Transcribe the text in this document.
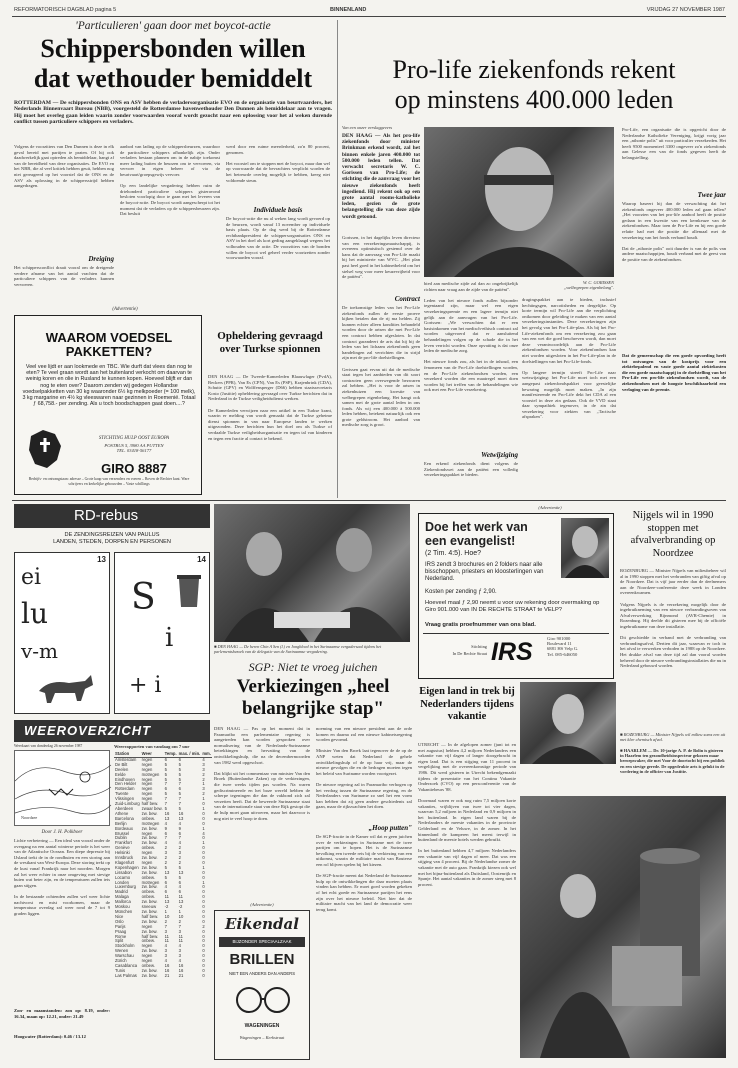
REFORMATORISCH DAGBLAD pagina 5	BINNENLAND	VRIJDAG 27 NOVEMBER 1987
'Particulieren' gaan door met boycot-actie
Schippersbonden willen
dat wethouder bemiddelt
ROTTERDAM — De schippersbonden ONS en ASV hebben de verladersorganisatie EVO en de organisatie van beurtvaarders, het Nederlands Binnenvaart Bureau (NBB), voorgesteld de Rotterdamse havenwethouder Den Dunnen als bemiddelaar aan te vragen. Hij moet het overleg gaan leiden waarin zonder voorwaarden vooraf wordt gezocht naar een oplossing voor het al weken durende conflict tussen particuliere schippers en verladers.
Volgens de voorzitters van Den Dunnen is deze in elk geval bereid met partijen te praten. Of hij ook daadwerkelijk gaat optreden als bemiddelaar, hangt af van de bereidheid van deze organisaties. De EVO en het NBB, die al veel kritiek hebben geuit, hebben nog niet gereageerd op het voorstel dat de ONS en de ASV als oplossing in de schippersstrijd hebben aangedragen.
Dreiging
Het schippersconflict draait vooral om de dreigende verdere afname van het aantal vrachten dat de particuliere schippers van de verladers kunnen vervoeren.
aanbod van lading op de schippersbeurzen, waardoor de particuliere schippers afhankelijk zijn. Onder verladers bestaan plannen om in de nabije toekomst meer lading buiten de beurzen om te vervoeren, via vervoer in eigen beheer of via de beurtvaart/groepsgewijs vervoer.

Op een landelijke vergadering hebben ruim de driehonderd particuliere schippers gisteravond besloten voorlopig door te gaan met het leveren van de boycot-actie. De boycot wordt aangescherpt tot het moment dat de verladers op de schippersbeurzen zijn. Dat besluit
werd door een ruime meerderheid, zo'n 80 procent, genomen.

Het voorstel om te stoppen met de boycot, maar dan wel op voorwaarde dat de bevrachters verplicht worden de het betreurde overleg mogelijk te hebben, kreeg niet voldoende steun.
Individuele basis
De boycot-actie die nu al weken lang wordt gevoerd op de beurzen, wordt vanaf 13 november op individuele basis plaats. Op de dag werd bij de Rotterdamse rechtbankpresident de schippersorganisaties ONS en ASV in het doel als kort geding aangeklaagd wegens het volhouden van de actie. De voorzitters van de bonden willen de boycot wel geheel verder voortzetten zonder voorwaarden vooraf.
(Advertentie)
WAAROM VOEDSEL
PAKKETTEN?
Veel vee lijdt er aan lookmede en TBC. Wie durft dat vlees dan nog te eten? Te veel graan wordt aan het buitenland verkocht om daarvan te weinig koren en olie in Rusland te kunnen kopen. Hoeveel blijft er dan nog te eten over? Daarom zenden wij gedegen Hollandse voedselpakketten van 30 kg waaronder 6½ kg melkpoeder (= 100 melk), 3 kg margarine en 4½ kg vleeswaren naar gezinnen in Roemenië. Totaal ƒ 68,758.- per zending. Als u toch boodschappen gaat doen....?
STICHTING HULP OOST EUROPA
POSTBUS 5, 3980 AA PUTTEN
TEL. 03418-56177
GIRO 8887
Bedrijfs- en ontvangstaan: adresse – Grote kaap van verzenders en voeren – Boven de Rechter kant. Ware schrijvers en kerkelijke gebouwden – Vaste schillings
Opheldering gevraagd over Turkse spionnen
DEN HAAG — De Tweede-Kamerleden Blaauwlager (PvdA), Beckers (PPR), Van Es (CPN), Van Es (PSP), Krajenbrink (CDA), Schutte (GPV) en Wolffensperger (D66) hebben staatssecretaris Kosto (Justitie) opheldering gevraagd over Turkse berichten dat in Nederland in de Turkse veiligheidsdienst werken.

De Kamerleden verwijzen naar een artikel in een Turkse krant, waarin er melding van wordt gemaakt dat de Turkse geheime dienst spionnen in van naar Europese landen te werken uitgezonden. Deze berichten hun het doel om als Turkse of verdaalde Turkse veiligheidsorganisatie en tegen tal van kinderen en tegen een fractie al contact te bekend.
Pro-life ziekenfonds rekent
op minstens 400.000 leden
Van een onzer verslaggevers
DEN HAAG — Als het pro-life ziekenfonds door minister Brinkman erkend wordt, zal het binnen enkele jaren 400.000 tot 500.000 leden tellen. Dat verwacht secretaris W. C. Gorissen van Pro-Life; de stichting die de aanvraag voor het nieuwe ziekenfonds heeft ingediend. Hij rekent ook op een grote aantal rooms-katholieke leden, gezien de grote belangstelling die van deze zijde wordt getoond.
Gorissen, in het dagelijks leven directeur van een verzekeringsmaatschappij, is overeens optimistisch gestemd over de kans dat de aanvraag van Pro-Life maakt bij het ministerie van WVC. „Het plan past heel goed in het kabinetbeleid om het stelsel weg voor meer keuzevrijheid voor de patiënt".
Contract
De toekomstige leden van het Pro-Life ziekenfonds zullen de eerste proeve kijken betalen dan de rij ma helden. Zij kunnen echter alleen kondities behandeld worden door de artsen die met Pro-Life een contract hebben afgesloten. In dat contract garandeert de arts dat hij bij de leden van het lichaam ziekenfonds geen handelingen zal verrichten die in strijd zijn met de pro-life doelstellingen.

Gerissen gaat ervan uit dat de medische staat tegen het aanbieden van dit soort contracten geen overwegende bezwaren zal hebben. „Het is voor de artsen in ziekenhuizen een kwestie van welbegrepen eigenbelang. Het hangt ook samen met de grote aantal leden in ons fonds. Als wij een 400.000 à 500.000 leden hebben, betekent natuurlijk ook een grote geldstroom. Het aanbod van medische zorg is groot.
W. C. GORISSEN
„welbegrepen eigenbelang".
bied aan medische zijde zal dan zo ongebrijkelijk richten naar vraag aan de zijde van de patiënt".

Leden van het nieuwe fonds zullen bijzonder tegentaand zijn, maar wel een eigen verzekeringspremie en een lagere termijn niet gelijk aan de aanvragen van het Pro-Life. Gorissen: „We verwachten dat er een basisinkomen van het medisch-ethisch contract zal worden uitgevoerd dat er aansluitend behandelingen volgen op de schade die in het leven verricht worden. Onze opvatting is dat onze leden de medische zorg.

Het nieuwe fonds zou, als het in de inhoud, een fenomeen van de Pro-Life doelstellingen worden, en de Pro-Life ziekenfondsen worden, een verzekerd worden die een maatregel moet doen worden bij het treffen van de behandelingen wie ook met een Pro-Life verzekering.
Wetwijziging
Een erkend ziekenfonds dient volgens de Ziekenfondswet aan de patiënt een volledig verzekeringspakket te bieden.
dragingspakket aan te bieden, inclusief hechtingsgen, narcotisheden en dergelijke. Op korte termijn wil Pro-Life aan die verplichting ontkomen door geleiding te maken van een aantal verzekeringsinstanties. Deze verzekeringen zijn het gevolg van het Pro-Life-plan. Als bij het Pro-Life-ziekenfonds om een verzekering zou gaan van een wet die goed beschreven wordt, dan moet deze verantwoordelijk aan de Pro-Life ziekenfondsen worden. Voor ziekenfondsen kan niet worden uitgesloten in het Pro-Life-plan in de doelstellingen van het Pro-Life-fonds.

Op langere termijn streeft Pro-Life naar wetswijziging: het Pro-Life moet toch met een aangepast ziekenfondspakket voor geestelijke bewaring mogelijk moet maken. „In zijn manifesterende en Pro-Life dekt het CDA al een voorstel in deze zin gedaan. Ook de VVD staat daar sympathiek tegenover, in de zin dat verzekering voor ziekten van „Tactische afspraken".
Pro-Life, een organisatie die is opgericht door de Nederlandse Katholieke Vereniging, krijgt vorig jaar een „nihonie polis" uit voor particulier verzekerden. Het heeft 9500 momenteel 3300 ongeveer zo'n ziekenfonds aan Gelesse een van de fonds gegeven heeft de belangstelling.
Twee jaar
Waarop baseert hij dan de verwachting dat het ziekenfonds ongeveer 400.000 leden zal gaan tellen? „Het voorzien van het pro-life aanbod heeft de positie gedaan in een kwestie van een kernkeuze van de ziekenfondsen. Maar toen de Pro-Life en hij een goede relatie had met die positie die allemaal met de verzekering van het fonds verband houdt.

Dat de „nihonie polis" ooit duurder is van de polis van andere maatschappijen, houdt verband met de geest van de positie van de ziekenfondsen.
Dat de gemeenschap die een goede opvoeding heeft tot ontvangen van de kostprijs voor een ziektebepalend en vaste goede aantal ziektekosten die een goede maatschappij in de doelstelling van het Pro-Life een pro-life ziekenfondsen wordt, van de ziekenfondsen met de hoogste beschikbaarheid een verlaging van de premie.
RD-rebus
DE ZENDINGSREIZEN VAN PAULUS
LANDEN, STEDEN, DORPEN EN PERSONEN
13
ei
lu
v-m
14
S
i
+ i
■ DEN HAAG — De heren Chin A Sen (l.) en Jongbloed in het Surinaamse vergadersaal tijdens het parlementsbezoek van de delegatie van de Surinaamse vergadering.
SGP: Niet te vroeg juichen
Verkiezingen „heel
belangrijke stap"
DEN HAAG — Pas op het moment dat in Paramaribo een parlementaire regering is aangetreden kan worden gesproken over normalisering van de Nederlands-Surinaamse betrekkingen en hervatting van de ontwikkelingshulp, die na de decembermoorden van 1982 werd opgeschort.

Dat blijkt uit het commentaar van minister Van den Broek (Buitenlandse Zaken) op de verkiezingen, die twee weeks tijden pas worden. Na waren gediscrimineerde en het boze wereld hebben de scherpe tegeningen die dan de vakbond zich zal verzetten heeft. Dat de beweerde Surinaamse staat van de internationale staat van deze Rijk gestopt die de hulp moet gaan uitvoeren, maar het daarvoor is nog niet te veel hoop te doen.
noeming van een nieuwe president aan de orde komen en daarna zal een nieuwe kabinetsregering worden gevormd.

Minister Van den Broek laat tegenover de de op de ANP weten dat Nederland de gehele ontwikkelingshulp of de op haar vrij, maar de nieuwe gevolgen die en de bedragen moeten tegen het beleid van Suriname worden voortgezet.

De nieuwe regering zal in Paramaribo verhogen op het verdrag tussen de Surinaamse regering, en de Nederlanders van Suriname zo snel het een vorm kan hebben dat zij geen andere geschiedenis zal gaan, maar de rijkswachten het doen.
„Hoop putten"
De SGP-fractie in de Kamer wil dat er geen juichen over de verkiezingen in Suriname met de twee partijen om te hopen. Het is de Surinaamse bevolking een tweede reis bij de verkiezing van een uitkomst, waarin de militaire macht van Bouterse een rol blijven spelen bij het kiezen.

De SGP-fractie meent dat Nederland de Surinaamse hulp op de ontwikkelingen die daar moeten plaats vinden kan hebben. Er moet goed worden gekeken of het echt goede en Surinaamse partijen het eens zijn over het nieuwe beleid. Niet hier dat de militaire macht van het land de democratie weer terug komt.
(Advertentie)
Eikendal
BIJZONDER SPECIAALZAAK
BRILLEN
NIET EEN ANDERS DAN ANDERS
WAGENINGEN
Wageningen – Kerkstraat
(Advertentie)
Doe het werk van
een evangelist!
(2 Tim. 4:5). Hoe?
IRS zendt 3 brochures en 2 folders naar alle bisschoppen, priesters en kloosterlingen van Nederland.
Kosten per zending ƒ 2,90.
Hoeveel maal ƒ 2,90 neemt u voor uw rekening door overmaking op Giro 901.000 van IN DE RECHTE STRAAT te VELP?
Vraag gratis proefnummer van ons blad.
Stichting
In De Rechte Straat IRS	Giro 901000
Boulevard 11
6881 HS Velp G.
Tel. 085-646050
Nijgels wil in 1990 stoppen met afvalverbranding op Noordzee
ROZENBURG — Minister Nijpels van milieubeheer wil al in 1990 stoppen met het verbranden van giftig afval op de Noordzee. Dat is vijf jaar eerder dan de deelnemers aan de Noordzee-conferentie deze week in Londen overeenkwamen.

Volgens Nijpels is de verzekering mogelijk door de ingebruikneming van een nieuwe verbrandingsoven van Afvalverwerking Rijnmond (AVR-Chemie) in Rozenburg. Hij deelde dit gisteren mee bij de officiële ingebruikname van deze installatie.

Dit geschiedde in verband met de verbranding van verbrandingsafval, Dertien dit jaar, waarvan er toch in het afval te verwerken verboden in 1988 op de Noordzee. Het drukke afval van deze tijd zal dan vooral worden beheerd door de nieuwe verbrandingsinstallaties die nu in Nederland gebouwd worden.
■ HAARLEM — Dr. 10-jarige A. P. de Bolin is gisteren in Haarlem ten gezondheidsinspecteur gekozen maar beroepsvaker, die met Voor de doortocht bij een publiek en een stevige gerede. De opgedrukte arts is gelukt in de vordering in de officier van Justitie.
■ ROZENBURG — Minister Nijpels wil milieu soms een uit met klee chemisch afval.
Eigen land in trek bij Nederlanders tijdens vakantie
UTRECHT — In de afgelopen zomer (juni tot en met augustus) hebben 4,2 miljoen Nederlanders een vakantie van vijf dagen of langer doorgebracht in eigen land. Dat is een stijging van 11 procent in vergelijking met de overeenkomstige periode van 1986. Dit werd gisteren in Utrecht bekendgemaakt tijdens de presentatie van het Continu Vakantie Onderzoek (CVO) op een persconferentie van de Vakantiebeurs '88.

Doormaal waren er ook nog ruim 7,5 miljoen korte vakanties, vrijblijven van twee tot vier dagen, waarvan 5,2 miljoen in Nederland en 0,9 miljoen in het buitenland. In eigen land waren bij de Nederlanders de meeste vakanties in de provincie Gelderland en de Veluwe, in de zomer. In het binnenland de kamperen het meest terwijl in buitenland de meeste hotels werden gebruikt.

In het buitenland hebben 4,7 miljoen Nederlanders een vakantie van vijf dagen of meer. Dat was een stijging van 4 procent. Bij de Nederlandse zomer de vakantie met de auto gaan. Frankrijk kiezen ook wel met het bijna-buitenland als Duitsland, Oostenrijk en Spanje. Het aantal vakanties in de zomer steeg met 8 procent.
WEEROVERZICHT
Weerkaart van donderdag 26 november 1987
Noordzee
Door J. H. Polkboer
Lichte verbetering — Een ideal van vooral onder de overgang na een aantal winterse periode is het weer van de Atlantische Oceaan. Een diepe depressie bij IJsland trekt de in de rondbuien en een storing aan de westkant van West-Europa. Deze storing trekt op de kust vanaf Frankrijk naar het noorden. Morgen zal het weer echter in onze omgeving met stevige buien wat beter zijn, en de temperaturen zullen iets gaan stijgen.

In de bestaande ochtenden zullen wel weer lichte nachtvorst en mist voorkomen, maar de temperatuur overdag zal weer rond de 7 tot 9 graden liggen.
Zon- en maanstanden: zon op: 8.19, onder: 16.34, maan op: 12.21, onder: 21.49
Hoogwater (Rotterdam): 0.46 / 13.12
Weerrapporten van vandaag om 7 uur
Station	Weer	Temp.	max. / min.	mm.
Amsterdam	regen	6	6	4
De Bilt	regen	5	5	3
Deelen	regen	5	5	3
Eelde	motregen	5	5	2
Eindhoven	regen	5	5	2
Den Helder	regen	7	7	1
Rotterdam	regen	6	6	3
Twente	regen	5	5	2
Vlissingen	regen	7	7	1
Zuid-Limburg	half bew.	7	7	0
Aberdeen	zwaar bew.	5	5	1
Athene	zw. bew.	16	16	0
Barcelona	onbew.	13	13	0
Berlijn	motregen	4	4	0
Bordeaux	zw. bew.	9	9	1
Brussel	regen	6	6	4
Dublin	zw. bew.	7	7	0
Frankfort	zw. bew.	4	4	1
Genève	onbew.	2	2	0
Helsinki	regen	3	3	0
Innsbruck	zw. bew.	2	2	0
Klagenfurt	regen	2	2	0
Kopenhagen	zw. bew.	5	5	1
Lissabon	zw. bew.	13	13	0
Locarno	onbew.	5	5	0
Londen	motregen	6	6	1
Luxemburg	zw. bew.	4	4	0
Madrid	onbew.	6	6	0
Malaga	onbew.	11	11	0
Mallorca	zw. bew.	13	13	0
Moskou	sneeuw	-2	-2	0
München	zw. bew.	1	1	0
Nice	half bew.	10	10	0
Oslo	zw. bew.	2	2	0
Parijs	regen	7	7	2
Praag	zw. bew.	3	3	0
Rome	half bew.	11	11	0
Split	onbew.	11	11	0
Stockholm	regen	4	4	0
Wenen	zw. bew.	3	3	0
Warschau	regen	3	3	0
Zürich	regen	4	4	0
Casablanca	onbew.	16	16	0
Tunis	zw. bew.	16	16	0
Las Palmas	zw. bew.	21	21	0
